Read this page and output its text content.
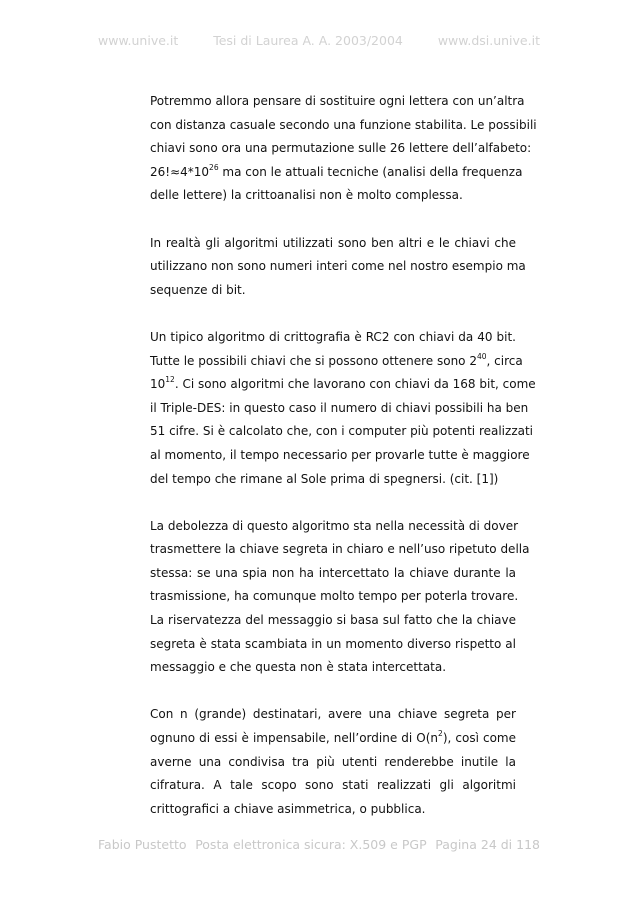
www.unive.it	Tesi di Laurea A. A. 2003/2004	www.dsi.unive.it
Potremmo allora pensare di sostituire ogni lettera con un’altra
con distanza casuale secondo una funzione stabilita. Le possibili
chiavi sono ora una permutazione sulle 26 lettere dell’alfabeto:
$26!\approx 4*10^{26}$ ma con le attuali tecniche (analisi della frequenza
delle lettere) la crittoanalisi non è molto complessa.
In realtà gli algoritmi utilizzati sono ben altri e le chiavi che
utilizzano non sono numeri interi come nel nostro esempio ma
sequenze di bit.
Un tipico algoritmo di crittografia è RC2 con chiavi da 40 bit.
Tutte le possibili chiavi che si possono ottenere sono $2^{40}$, circa
$10^{12}$. Ci sono algoritmi che lavorano con chiavi da 168 bit, come
il Triple-DES: in questo caso il numero di chiavi possibili ha ben
51 cifre. Si è calcolato che, con i computer più potenti realizzati
al momento, il tempo necessario per provarle tutte è maggiore
del tempo che rimane al Sole prima di spegnersi. (cit. [1])
La debolezza di questo algoritmo sta nella necessità di dover
trasmettere la chiave segreta in chiaro e nell’uso ripetuto della
stessa: se una spia non ha intercettato la chiave durante la
trasmissione, ha comunque molto tempo per poterla trovare.
La riservatezza del messaggio si basa sul fatto che la chiave
segreta è stata scambiata in un momento diverso rispetto al
messaggio e che questa non è stata intercettata.
Con n (grande) destinatari, avere una chiave segreta per
ognuno di essi è impensabile, nell’ordine di $O(n^2)$, così come
averne una condivisa tra più utenti renderebbe inutile la
cifratura. A tale scopo sono stati realizzati gli algoritmi
crittografici a chiave asimmetrica, o pubblica.
Fabio Pustetto Posta elettronica sicura: X.509 e PGP Pagina 24 di 118
